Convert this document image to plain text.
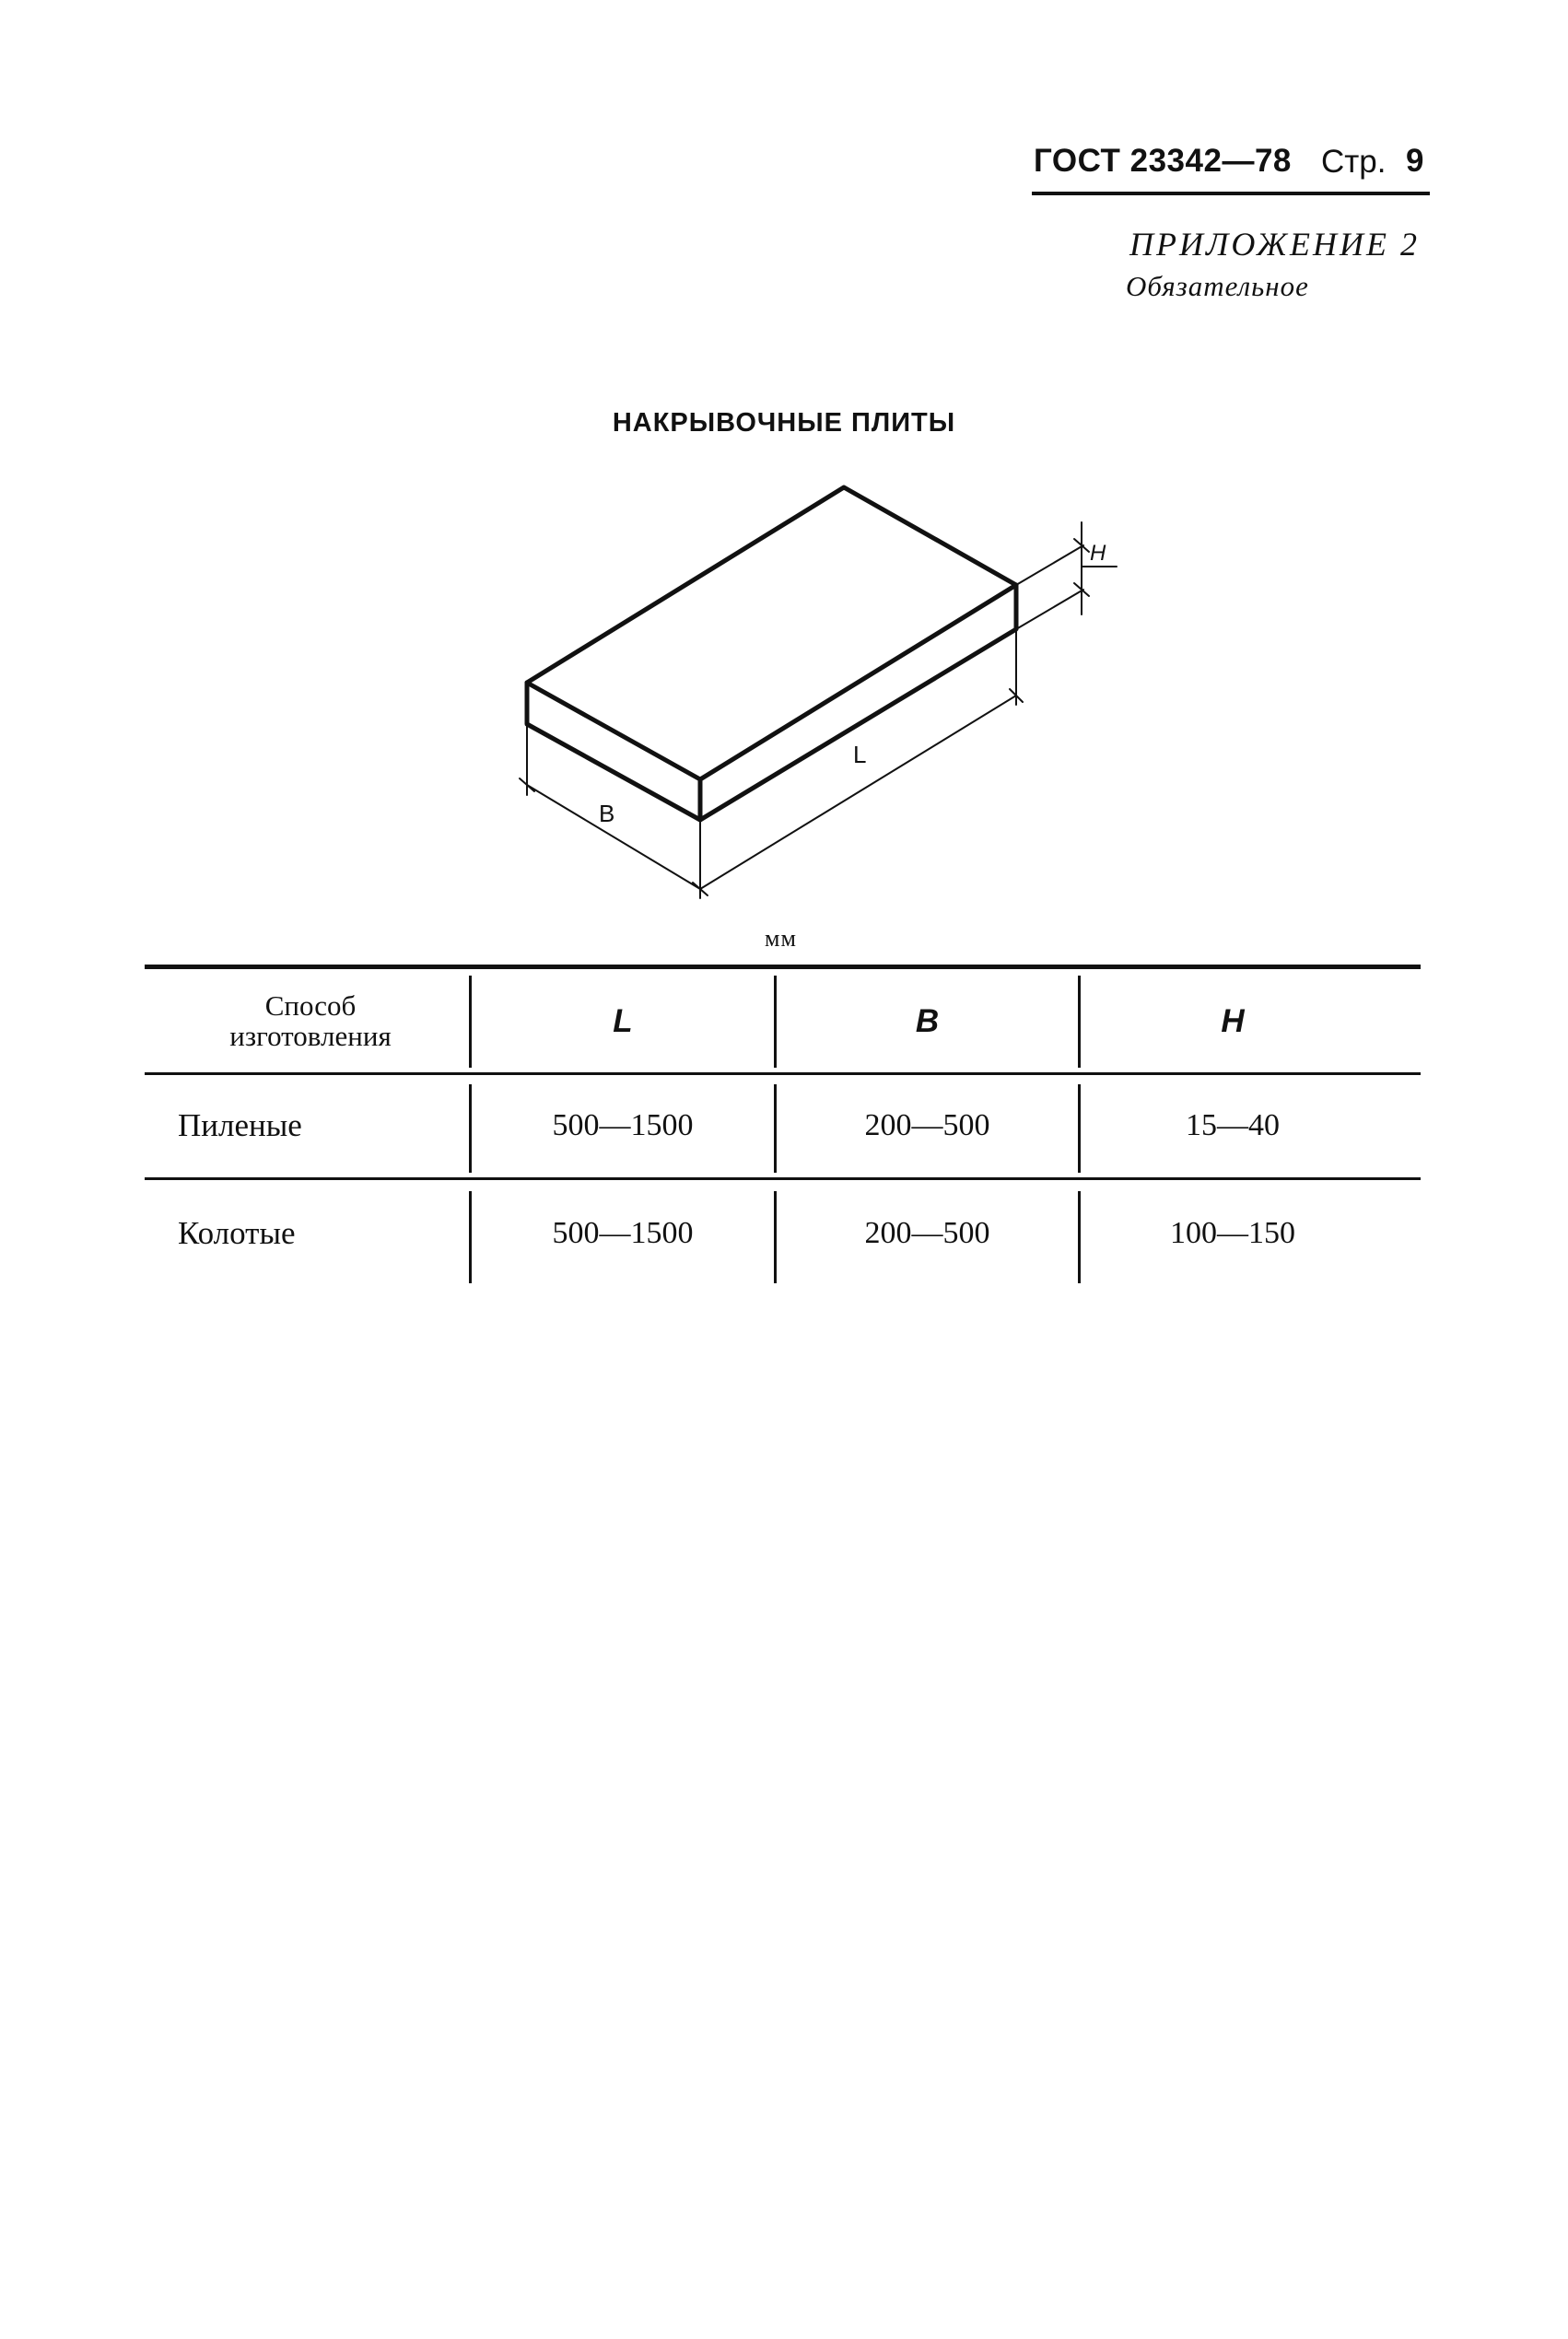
ГОСТ 23342—78 Стр. 9
ПРИЛОЖЕНИЕ 2
Обязательное
НАКРЫВОЧНЫЕ ПЛИТЫ
H
L
B
мм
Способ изготовления	L	B	H
Пиленые	500—1500	200—500	15—40
Колотые	500—1500	200—500	100—150
